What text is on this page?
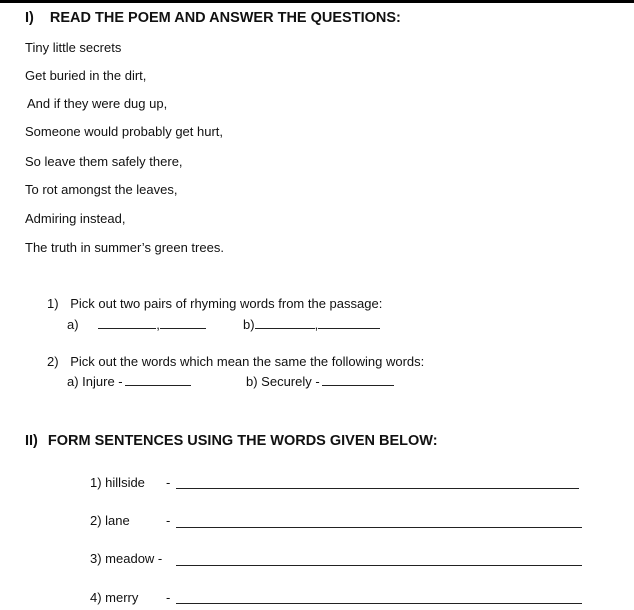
I) READ THE POEM AND ANSWER THE QUESTIONS:
Tiny little secrets
Get buried in the dirt,
And if they were dug up,
Someone would probably get hurt,
So leave them safely there,
To rot amongst the leaves,
Admiring instead,
The truth in summer’s green trees.
1) Pick out two pairs of rhyming words from the passage:
a)	,	b)	,
2) Pick out the words which mean the same the following words:
a) Injure -	b) Securely -
II) FORM SENTENCES USING THE WORDS GIVEN BELOW:
1) hillside -
2) lane	-
3) meadow -
4) merry -
